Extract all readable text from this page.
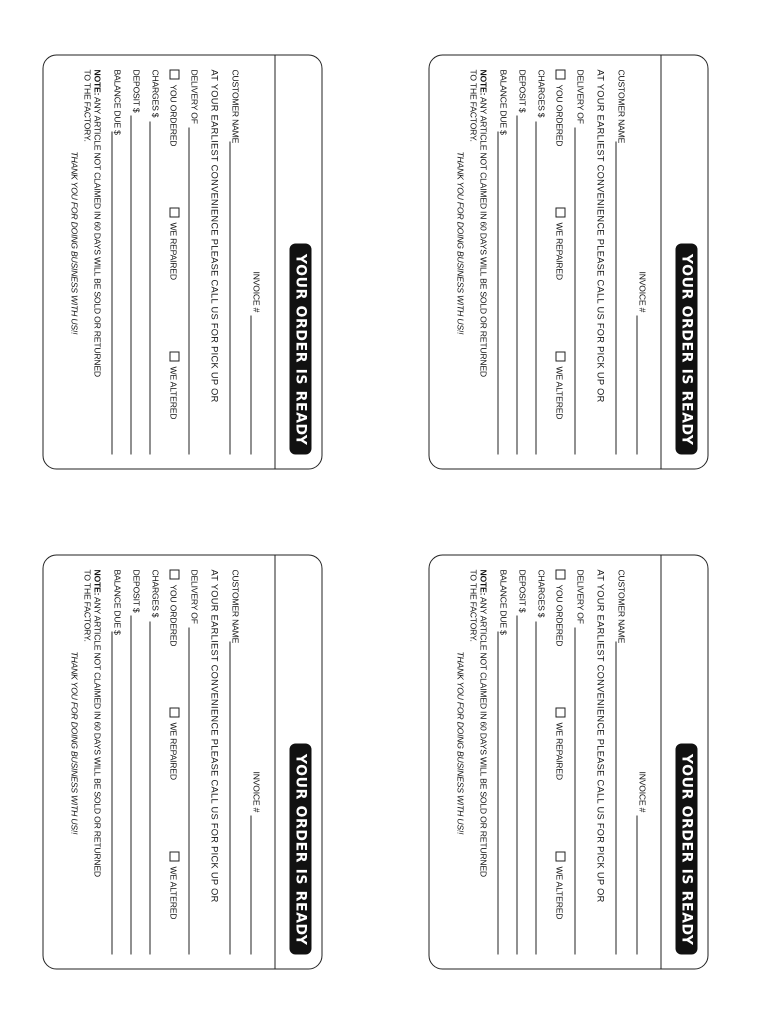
YOUR ORDER IS READY
INVOICE #
CUSTOMER NAME
AT YOUR EARLIEST CONVENIENCE PLEASE CALL US FOR PICK UP OR
DELIVERY OF
YOU ORDERED
WE REPAIRED
WE ALTERED
CHARGES $
DEPOSIT $
BALANCE DUE $
NOTE: ANY ARTICLE NOT CLAIMED IN 60 DAYS WILL BE SOLD OR RETURNED
TO THE FACTORY.
THANK YOU FOR DOING BUSINESS WITH US!!
YOUR ORDER IS READY
INVOICE #
CUSTOMER NAME
AT YOUR EARLIEST CONVENIENCE PLEASE CALL US FOR PICK UP OR
DELIVERY OF
YOU ORDERED
WE REPAIRED
WE ALTERED
CHARGES $
DEPOSIT $
BALANCE DUE $
NOTE: ANY ARTICLE NOT CLAIMED IN 60 DAYS WILL BE SOLD OR RETURNED
TO THE FACTORY.
THANK YOU FOR DOING BUSINESS WITH US!!
YOUR ORDER IS READY
INVOICE #
CUSTOMER NAME
AT YOUR EARLIEST CONVENIENCE PLEASE CALL US FOR PICK UP OR
DELIVERY OF
YOU ORDERED
WE REPAIRED
WE ALTERED
CHARGES $
DEPOSIT $
BALANCE DUE $
NOTE: ANY ARTICLE NOT CLAIMED IN 60 DAYS WILL BE SOLD OR RETURNED
TO THE FACTORY.
THANK YOU FOR DOING BUSINESS WITH US!!
YOUR ORDER IS READY
INVOICE #
CUSTOMER NAME
AT YOUR EARLIEST CONVENIENCE PLEASE CALL US FOR PICK UP OR
DELIVERY OF
YOU ORDERED
WE REPAIRED
WE ALTERED
CHARGES $
DEPOSIT $
BALANCE DUE $
NOTE: ANY ARTICLE NOT CLAIMED IN 60 DAYS WILL BE SOLD OR RETURNED
TO THE FACTORY.
THANK YOU FOR DOING BUSINESS WITH US!!
